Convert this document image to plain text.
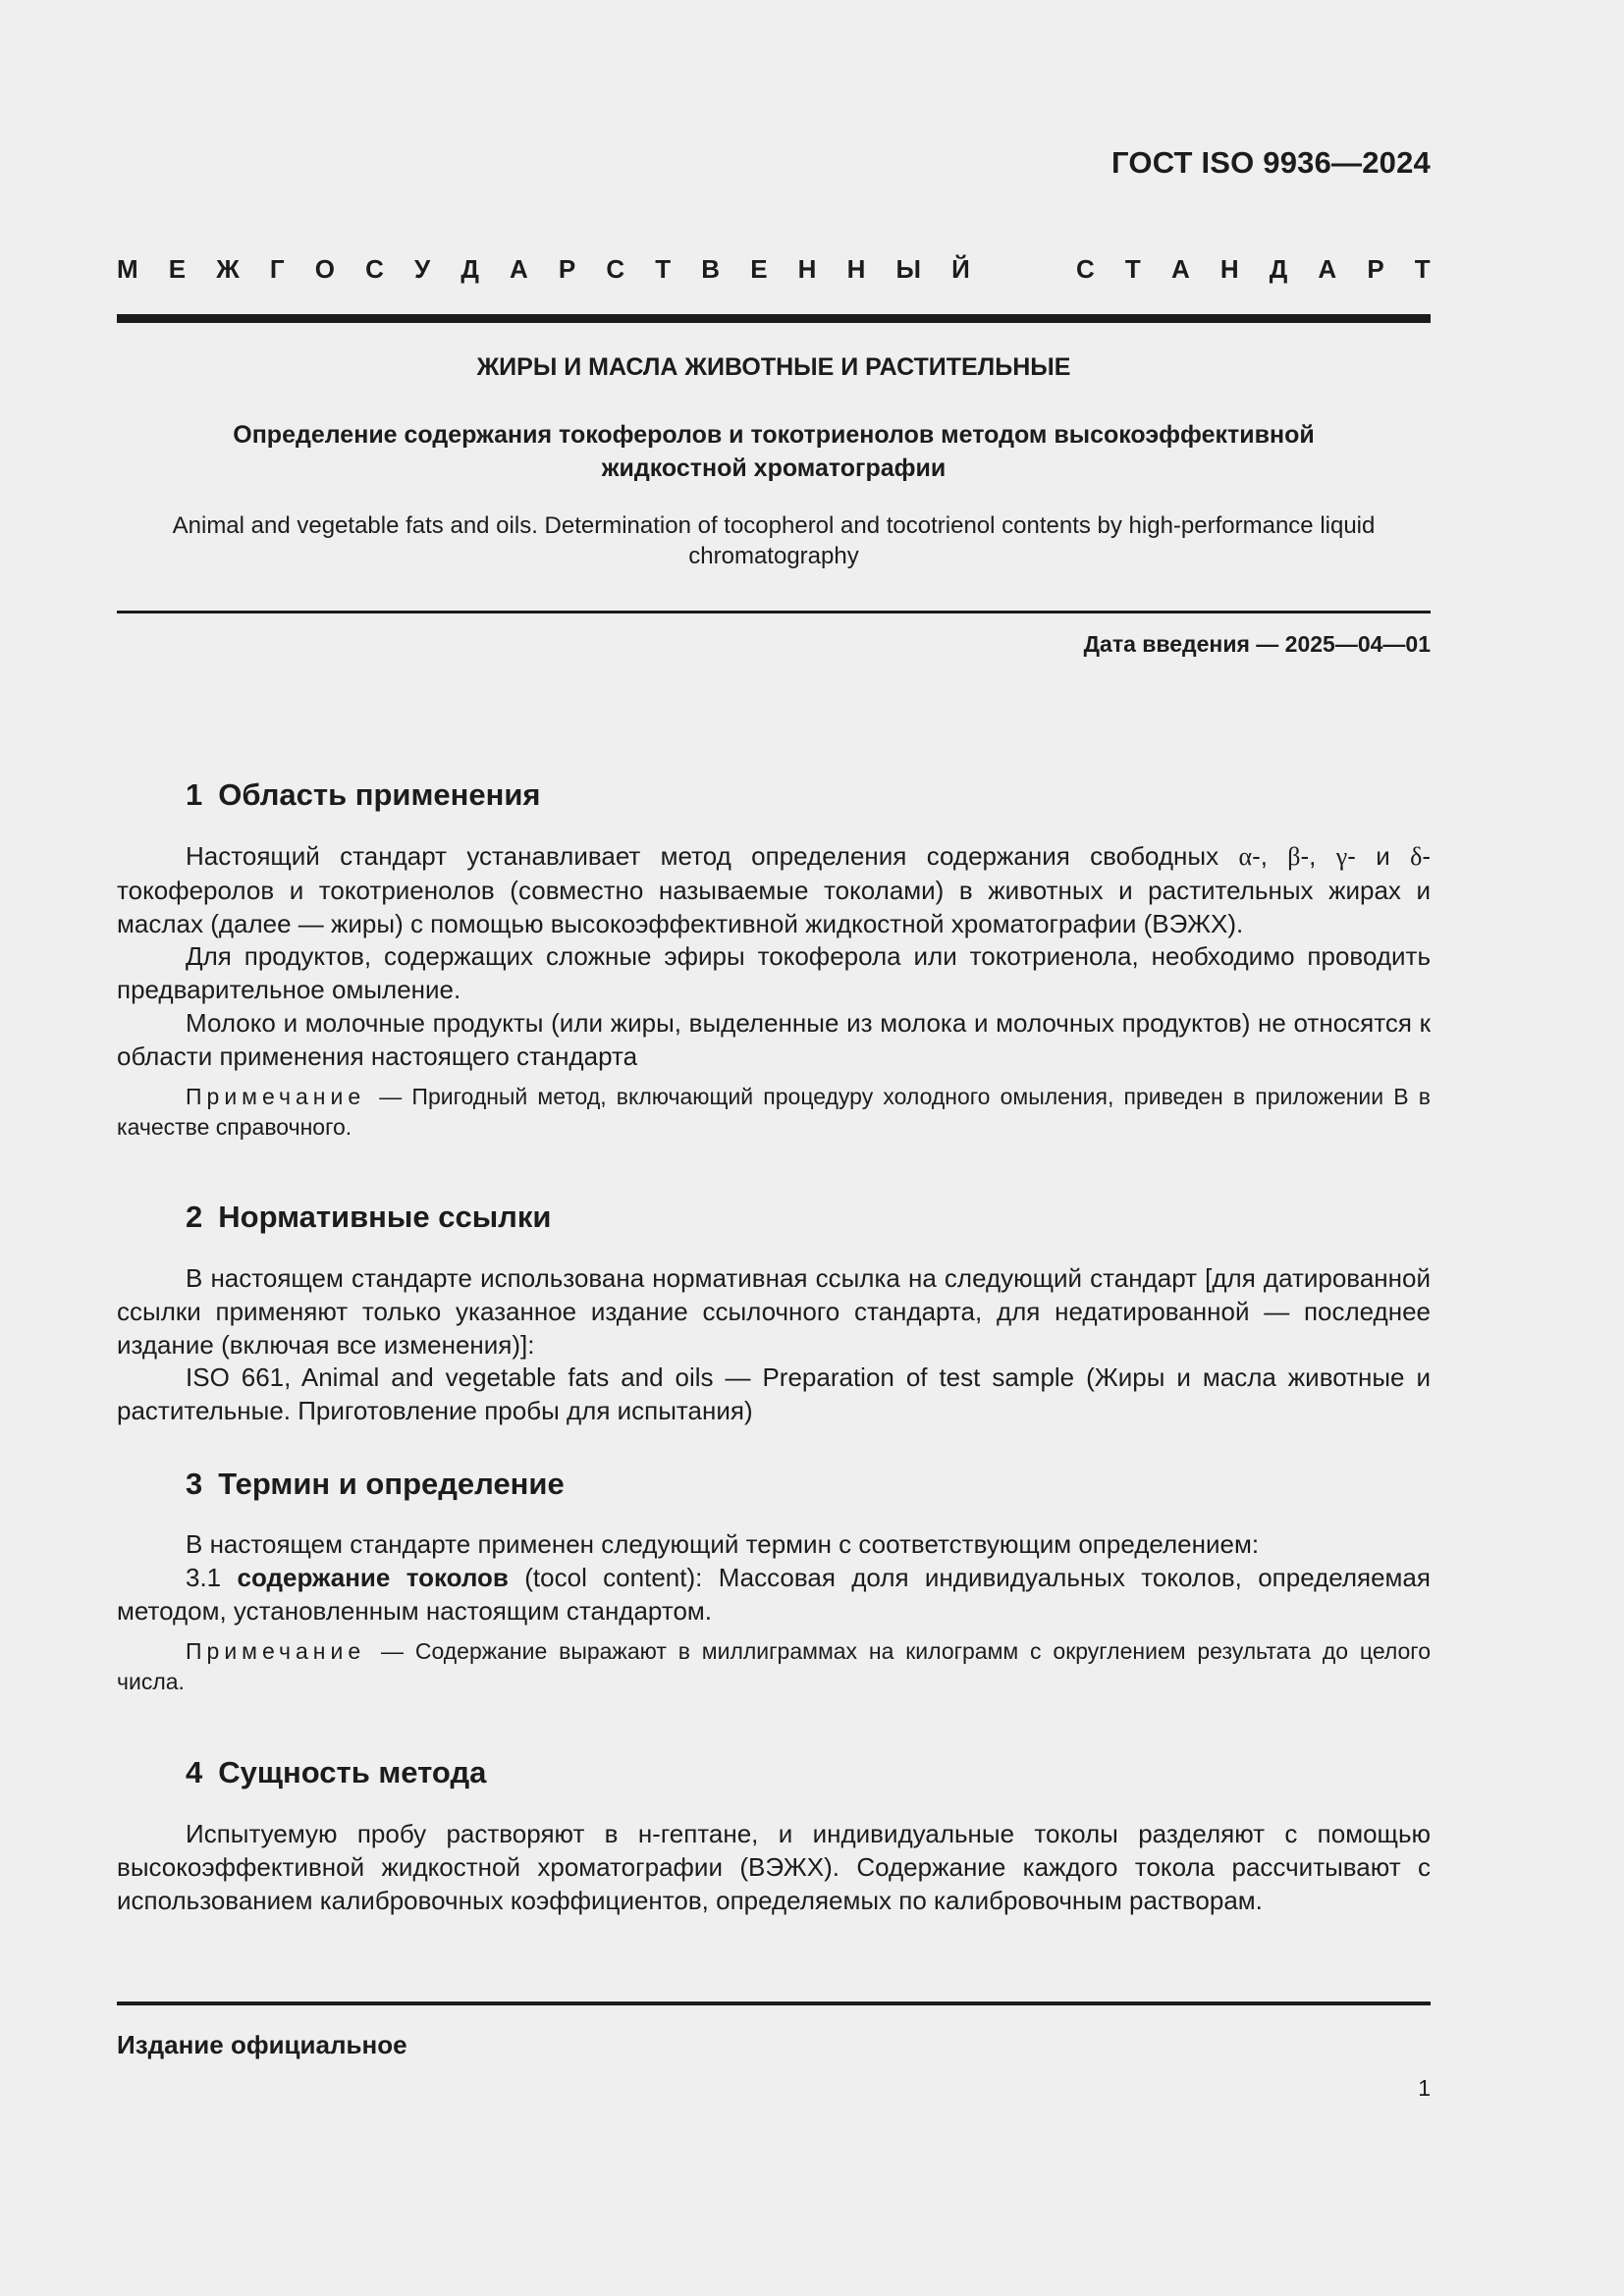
ГОСТ ISO 9936—2024
М Е Ж Г О С У Д А Р С Т В Е Н Н Ы Й	С Т А Н Д А Р Т
ЖИРЫ И МАСЛА ЖИВОТНЫЕ И РАСТИТЕЛЬНЫЕ
Определение содержания токоферолов и токотриенолов методом высокоэффективной жидкостной хроматографии
Animal and vegetable fats and oils. Determination of tocopherol and tocotrienol contents by high-performance liquid chromatography
Дата введения — 2025—04—01
1 Область применения
Настоящий стандарт устанавливает метод определения содержания свободных α-, β-, γ- и δ-токоферолов и токотриенолов (совместно называемые токолами) в животных и растительных жирах и маслах (далее — жиры) с помощью высокоэффективной жидкостной хроматографии (ВЭЖХ).
Для продуктов, содержащих сложные эфиры токоферола или токотриенола, необходимо проводить предварительное омыление.
Молоко и молочные продукты (или жиры, выделенные из молока и молочных продуктов) не относятся к области применения настоящего стандарта
Примечание — Пригодный метод, включающий процедуру холодного омыления, приведен в приложении В в качестве справочного.
2 Нормативные ссылки
В настоящем стандарте использована нормативная ссылка на следующий стандарт [для датированной ссылки применяют только указанное издание ссылочного стандарта, для недатированной — последнее издание (включая все изменения)]:
ISO 661, Animal and vegetable fats and oils — Preparation of test sample (Жиры и масла животные и растительные. Приготовление пробы для испытания)
3 Термин и определение
В настоящем стандарте применен следующий термин с соответствующим определением:
3.1 содержание токолов (tocol content): Массовая доля индивидуальных токолов, определяемая методом, установленным настоящим стандартом.
Примечание — Содержание выражают в миллиграммах на килограмм с округлением результата до целого числа.
4 Сущность метода
Испытуемую пробу растворяют в н-гептане, и индивидуальные токолы разделяют с помощью высокоэффективной жидкостной хроматографии (ВЭЖХ). Содержание каждого токола рассчитывают с использованием калибровочных коэффициентов, определяемых по калибровочным растворам.
Издание официальное
1
